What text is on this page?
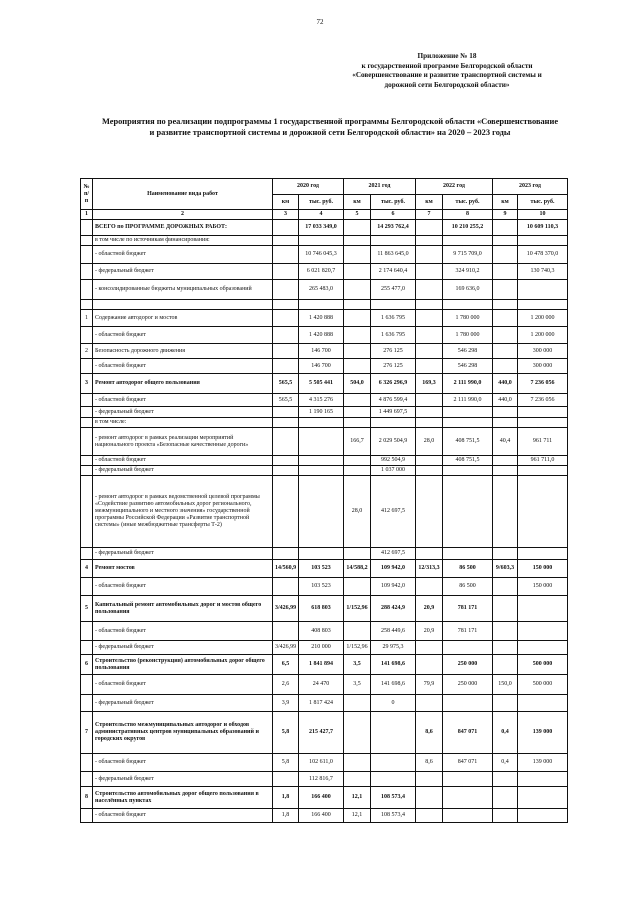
72
Приложение № 18
к государственной программе Белгородской области
«Совершенствование и развитие транспортной системы и
дорожной сети Белгородской области»
Мероприятия по реализации подпрограммы 1 государственной программы Белгородской области «Совершенствование
и развитие транспортной системы и дорожной сети Белгородской области» на 2020 – 2023 годы
№ п/п	Наименование вида работ	2020 год		2021 год		2022 год		2023 год	
		км	тыс. руб.	км	тыс. руб.	км	тыс. руб.	км	тыс. руб.
1	2	3	4	5	6	7	8	9	10
	ВСЕГО по ПРОГРАММЕ ДОРОЖНЫХ РАБОТ:		17 033 349,0		14 293 762,4		10 210 255,2		10 609 110,3
	в том числе по источникам финансирования:								
	- областной бюджет		10 746 045,3		11 863 645,0		9 715 709,0		10 478 370,0
	- федеральный бюджет		6 021 820,7		2 174 640,4		324 910,2		130 740,3
	- консолидированные бюджеты муниципальных образований		265 483,0		255 477,0		169 636,0		

1	Содержание автодорог и мостов		1 420 888		1 636 795		1 780 000		1 200 000
	- областной бюджет		1 420 888		1 636 795		1 780 000		1 200 000
2	Безопасность дорожного движения		146 700		276 125		546 298		300 000
	- областной бюджет		146 700		276 125		546 298		300 000
3	Ремонт автодорог общего пользования	565,5	5 505 441	504,0	6 326 296,9	169,3	2 111 990,0	440,0	7 236 056
	- областной бюджет	565,5	4 315 276		4 876 599,4		2 111 990,0	440,0	7 236 056
	- федеральный бюджет		1 190 165		1 449 697,5				
	в том числе:								
	- ремонт автодорог в рамках реализации мероприятий национального проекта «Безопасные качественные дороги»			166,7	2 029 504,9	28,0	408 751,5	40,4	961 711
	- областной бюджет				992 504,9		408 751,5		961 711,0
	- федеральный бюджет				1 037 000				
	- ремонт автодорог в рамках ведомственной целевой программы «Содействие развитию автомобильных дорог регионального, межмуниципального и местного значения» государственной программы Российской Федерации «Развитие транспортной системы» (иные межбюджетные трансферты Т-2)			28,0	412 697,5				
	- федеральный бюджет				412 697,5				
4	Ремонт мостов	14/560,9	103 523	14/588,2	109 942,0	12/313,3	86 500	9/603,3	150 000
	- областной бюджет		103 523		109 942,0		86 500		150 000
5	Капитальный ремонт автомобильных дорог и мостов общего пользования	3/426,99	618 803	1/152,96	288 424,9	20,9	781 171		
	- областной бюджет		408 803		258 449,6	20,9	781 171		
	- федеральный бюджет	3/426,99	210 000	1/152,96	29 975,3				
6	Строительство (реконструкция) автомобильных дорог общего пользования	6,5	1 841 894	3,5	141 698,6		250 000		500 000
	- областной бюджет	2,6	24 470	3,5	141 698,6	79,9	250 000	150,0	500 000
	- федеральный бюджет	3,9	1 817 424		0				
7	Строительство межмуниципальных автодорог и обходов административных центров муниципальных образований и городских округов	5,8	215 427,7			8,6	847 071	0,4	139 000
	- областной бюджет	5,8	102 611,0			8,6	847 071	0,4	139 000
	- федеральный бюджет		112 816,7						
8	Строительство автомобильных дорог общего пользования в населённых пунктах	1,8	166 400	12,1	108 573,4				
	- областной бюджет	1,8	166 400	12,1	108 573,4				
